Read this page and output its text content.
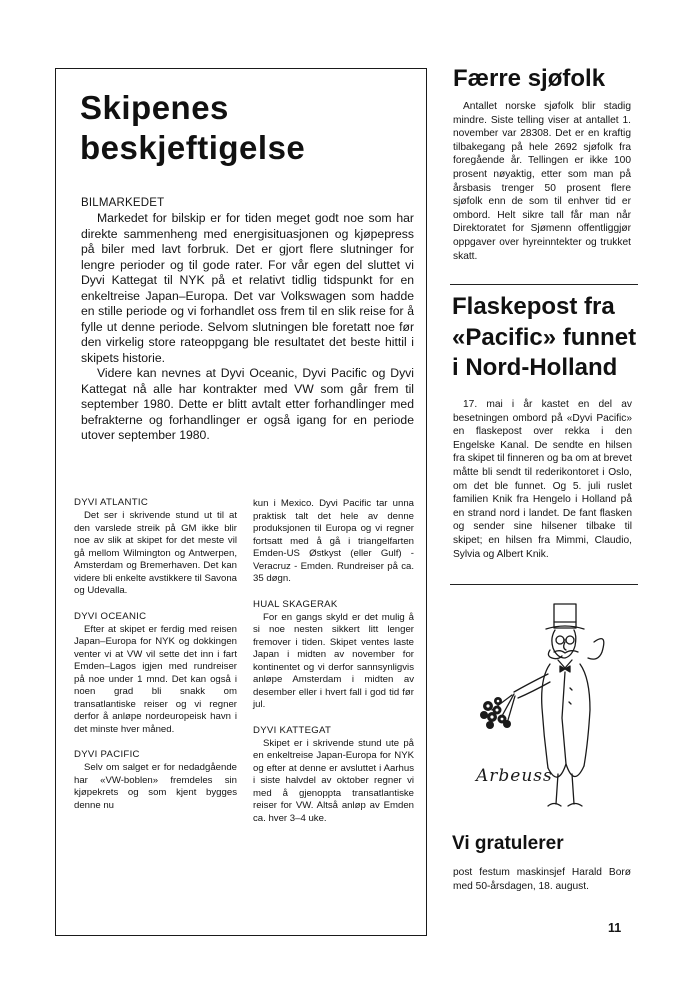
Skipenes
beskjeftigelse
BILMARKEDET

Markedet for bilskip er for tiden meget godt noe som har direkte sammenheng med energisituasjonen og kjøpepress på biler med lavt forbruk. Det er gjort flere slutninger for lengre perioder og til gode rater. For vår egen del sluttet vi Dyvi Kattegat til NYK på et relativt tidlig tidspunkt for en enkeltreise Japan–Europa. Det var Volkswagen som hadde en stille periode og vi forhandlet oss frem til en slik reise for å fylle ut denne periode. Selvom slutningen ble foretatt noe før den virkelig store rateoppgang ble resultatet det beste hittil i skipets historie.

Videre kan nevnes at Dyvi Oceanic, Dyvi Pacific og Dyvi Kattegat nå alle har kontrakter med VW som går frem til september 1980. Dette er blitt avtalt etter forhandlinger med befrakterne og forhandlinger er også igang for en periode utover september 1980.

DYVI ATLANTIC

Det ser i skrivende stund ut til at den varslede streik på GM ikke blir noe av slik at skipet for det meste vil gå mellom Wilmington og Antwerpen, Amsterdam og Bremerhaven. Det kan videre bli enkelte avstikkere til Savona og Udevalla.

DYVI OCEANIC

Efter at skipet er ferdig med reisen Japan–Europa for NYK og dokkingen venter vi at VW vil sette det inn i fart Emden–Lagos igjen med rundreiser på noe under 1 mnd. Det kan også i noen grad bli snakk om transatlantiske reiser og vi regner derfor å anløpe nordeuropeisk havn i det minste hver måned.

DYVI PACIFIC

Selv om salget er for nedadgående har «VW-boblen» fremdeles sin kjøpekrets og som kjent bygges denne nu

kun i Mexico. Dyvi Pacific tar unna praktisk talt det hele av denne produksjonen til Europa og vi regner fortsatt med å gå i triangelfarten Emden-US Østkyst (eller Gulf) - Veracruz - Emden. Rundreiser på ca. 35 døgn.

HUAL SKAGERAK

For en gangs skyld er det mulig å si noe nesten sikkert litt lenger fremover i tiden. Skipet ventes laste Japan i midten av november for kontinentet og vi derfor sannsynligvis anløpe Amsterdam i midten av desember eller i hvert fall i god tid før jul.

DYVI KATTEGAT

Skipet er i skrivende stund ute på en enkeltreise Japan-Europa for NYK og efter at denne er avsluttet i Aarhus i siste halvdel av oktober regner vi med å gjenoppta transatlantiske reiser for VW. Altså anløp av Emden ca. hver 3–4 uke.

Færre sjøfolk

Antallet norske sjøfolk blir stadig mindre. Siste telling viser at antallet 1. november var 28308. Det er en kraftig tilbakegang på hele 2692 sjøfolk fra foregående år. Tellingen er ikke 100 prosent nøyaktig, etter som man på årsbasis trenger 50 prosent flere sjøfolk enn de som til enhver tid er ombord. Helt sikre tall får man når Direktoratet for Sjømenn offentliggjør oppgaver over hyreinntekter og trukket skatt.

Flaskepost fra
«Pacific» funnet
i Nord-Holland

17. mai i år kastet en del av besetningen ombord på «Dyvi Pacific» en flaskepost over rekka i den Engelske Kanal. De sendte en hilsen fra skipet til finneren og ba om at brevet måtte bli sendt til rederikontoret i Oslo, om det ble funnet. Og 5. juli ruslet familien Knik fra Hengelo i Holland på en strand nord i landet. De fant flasken og sender sine hilsener tilbake til skipet; en hilsen fra Mimmi, Claudio, Sylvia og Albert Knik.

Arbeuss
Vi gratulerer

post festum maskinsjef Harald Borø med 50-årsdagen, 18. august.

11
